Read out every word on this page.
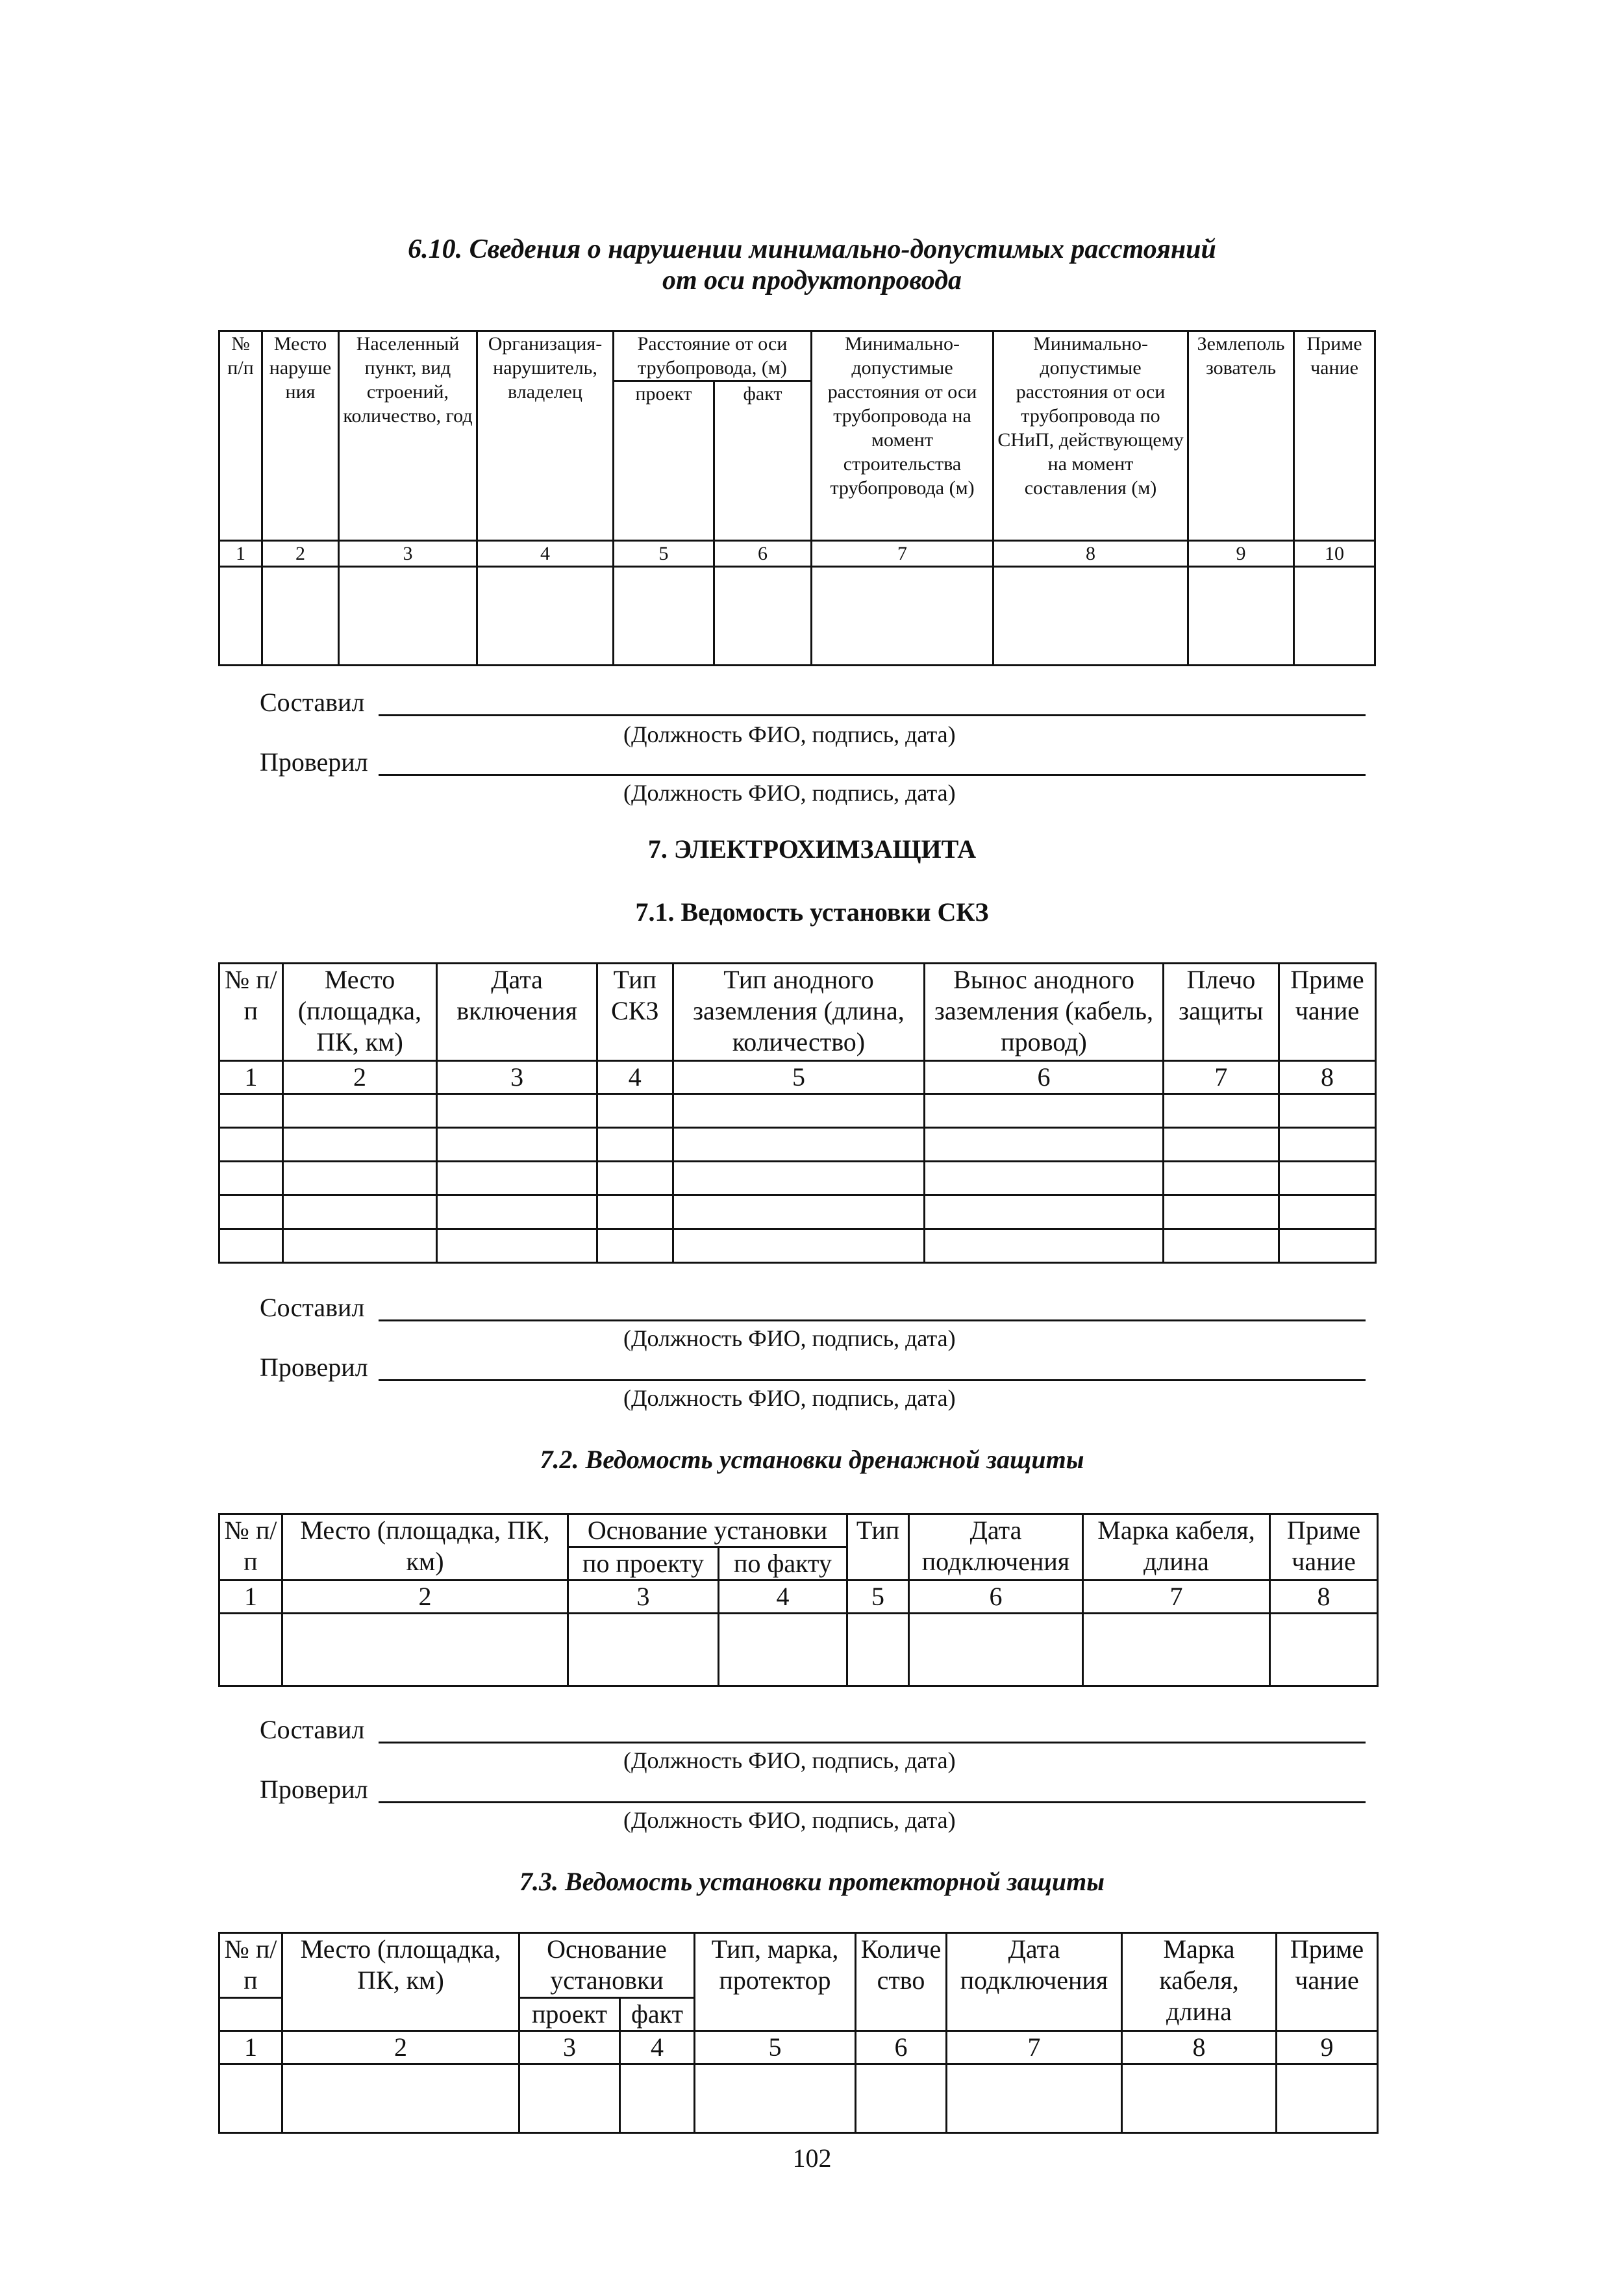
6.10. Сведения о нарушении минимально-допустимых расстояний
от оси продуктопровода
№ п/п	Место наруше ния	Населенный пункт, вид строений, количество, год	Организация-нарушитель, владелец	Расстояние от оси трубопровода, (м)		Минимально-допустимые расстояния от оси трубопровода на момент строительства трубопровода (м)	Минимально-допустимые расстояния от оси трубопровода по СНиП, действующему на момент составления (м)	Землеполь зователь	Приме чание
				проект	факт				
1	2	3	4	5	6	7	8	9	10

Составил
(Должность ФИО, подпись, дата)
Проверил
(Должность ФИО, подпись, дата)
7. ЭЛЕКТРОХИМЗАЩИТА
7.1. Ведомость установки СКЗ
№ п/п	Место (площадка, ПК, км)	Дата включения	Тип СКЗ	Тип анодного заземления (длина, количество)	Вынос анодного заземления (кабель, провод)	Плечо защиты	Приме чание
1	2	3	4	5	6	7	8

Составил
(Должность ФИО, подпись, дата)
Проверил
(Должность ФИО, подпись, дата)
7.2. Ведомость установки дренажной защиты
№ п/п	Место (площадка, ПК, км)	Основание установки		Тип	Дата подключения	Марка кабеля, длина	Приме чание
		по проекту	по факту				
1	2	3	4	5	6	7	8

Составил
(Должность ФИО, подпись, дата)
Проверил
(Должность ФИО, подпись, дата)
7.3. Ведомость установки протекторной защиты
№ п/п	Место (площадка, ПК, км)	Основание установки		Тип, марка, протектор	Количе ство	Дата подключения	Марка кабеля, длина	Приме чание

		проект	факт					
1	2	3	4	5	6	7	8	9

102
